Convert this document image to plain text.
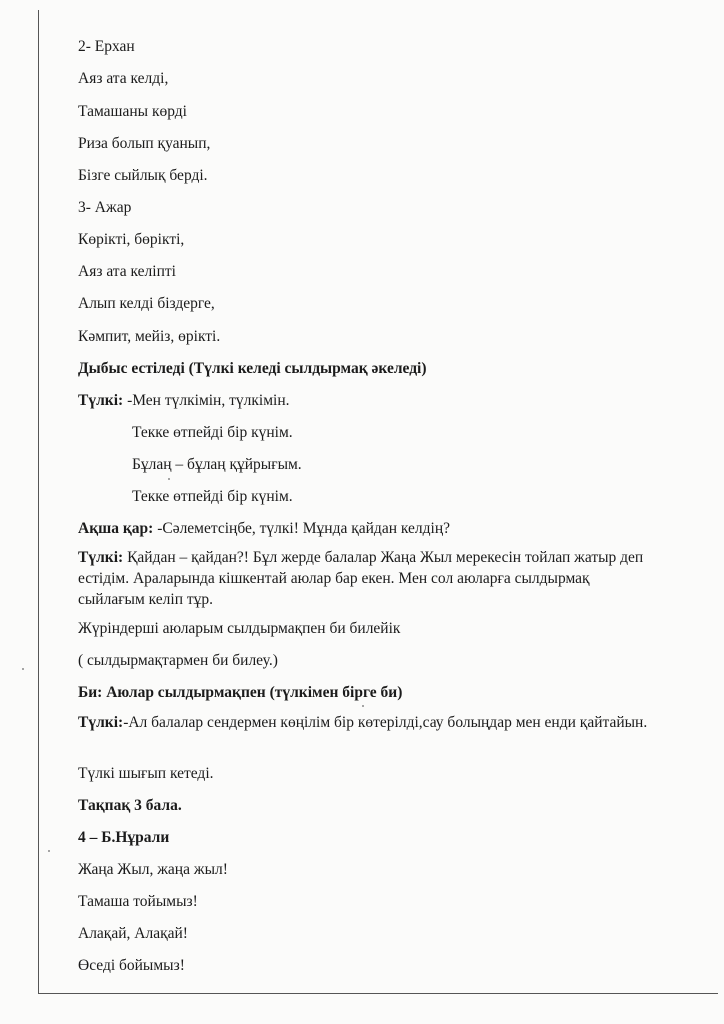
2- Ерхан
Аяз ата келді,
Тамашаны көрді
Риза болып қуанып,
Бізге сыйлық берді.
3- Ажар
Көрікті, бөрікті,
Аяз ата келіпті
Алып келді біздерге,
Кәмпит, мейіз, өрікті.
Дыбыс естіледі (Түлкі келеді сылдырмақ әкеледі)
Түлкі: -Мен түлкімін, түлкімін.
Текке өтпейді бір күнім.
Бұлаң – бұлаң құйрығым.
Текке өтпейді бір күнім.
Ақша қар: -Сәлеметсіңбе, түлкі! Мұнда қайдан келдің?
Түлкі: Қайдан – қайдан?! Бұл жерде балалар Жаңа Жыл мерекесін тойлап жатыр деп естідім. Араларында кішкентай аюлар бар екен. Мен сол аюларға сылдырмақ сыйлағым келіп тұр.
Жүріндерші аюларым сылдырмақпен би билейік
( сылдырмақтармен би билеу.)
Би: Аюлар сылдырмақпен (түлкімен бірге би)
Түлкі:-Ал балалар сендермен көңілім бір көтерілді,сау болыңдар мен енди қайтайын.
Түлкі шығып кетеді.
Тақпақ 3 бала.
4 – Б.Нұрали
Жаңа Жыл, жаңа жыл!
Тамаша тойымыз!
Алақай, Алақай!
Өседі бойымыз!
